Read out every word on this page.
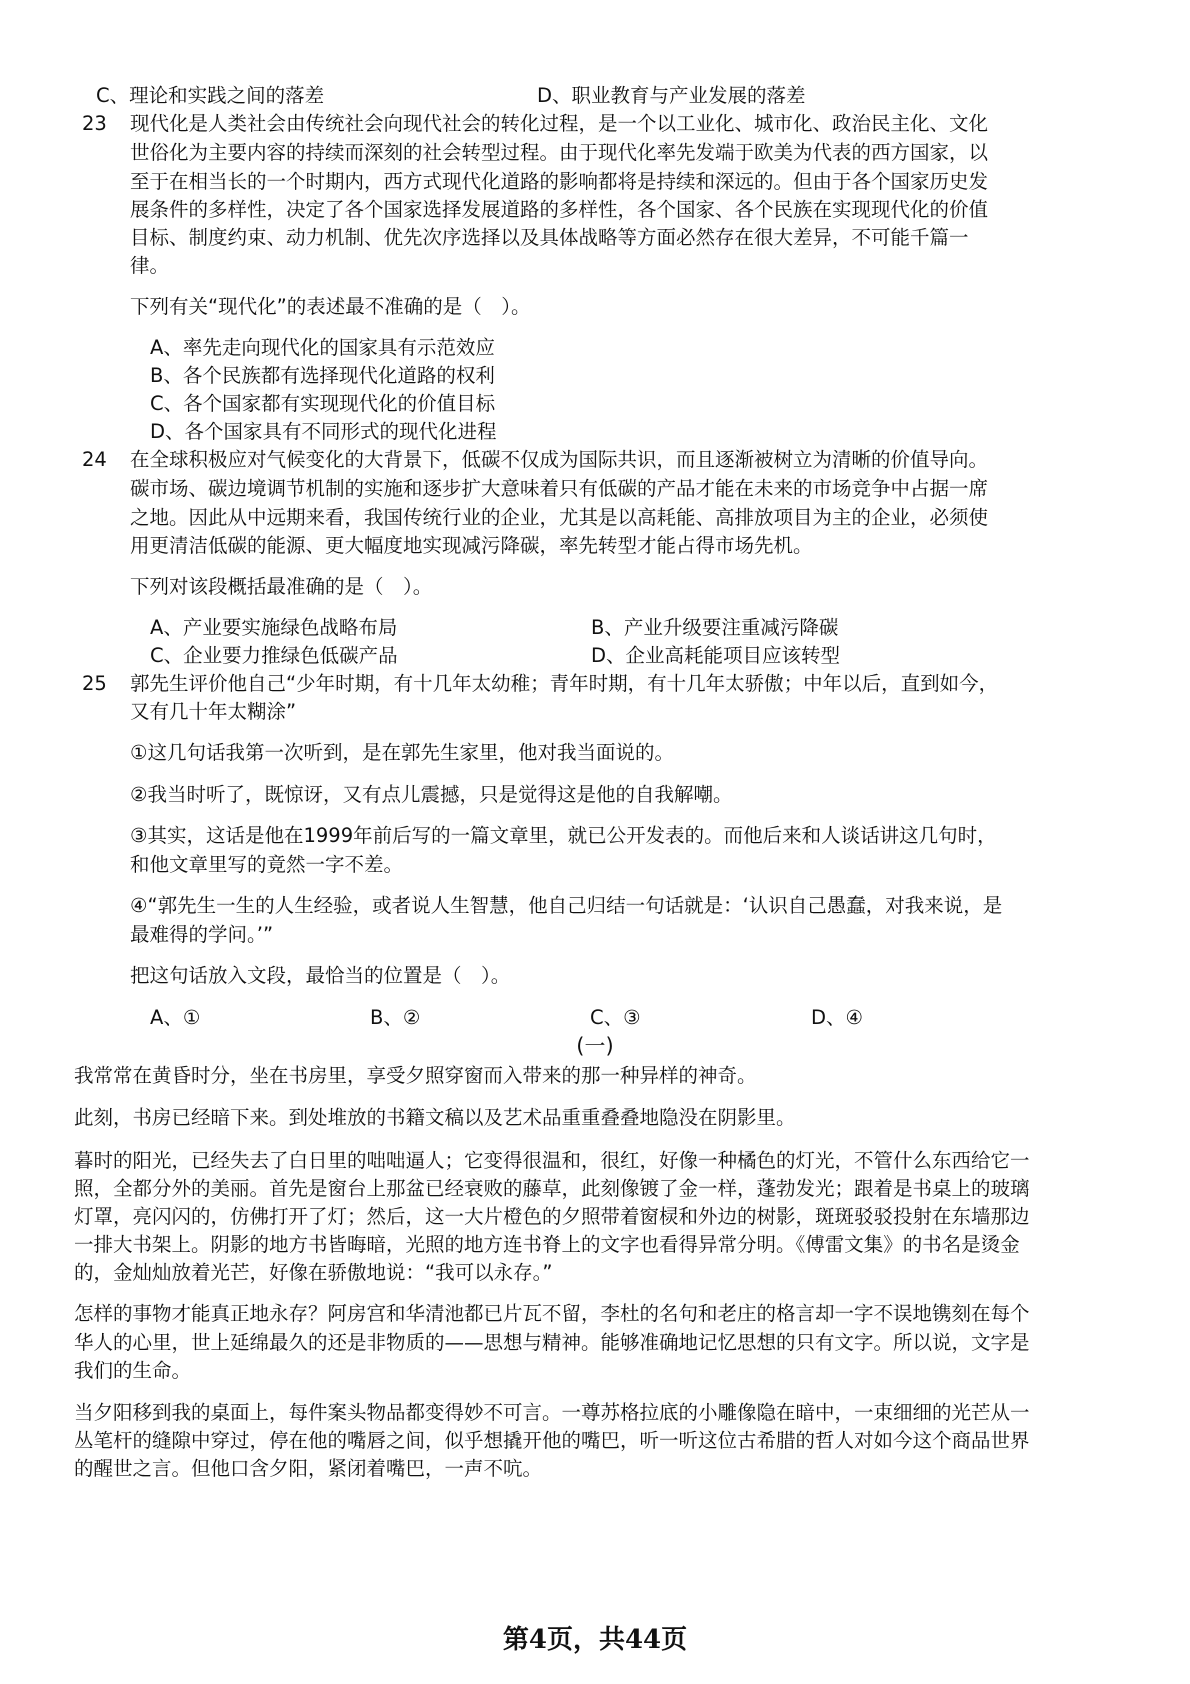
C、理论和实践之间的落差	D、职业教育与产业发展的落差
23 现代化是人类社会由传统社会向现代社会的转化过程，是一个以工业化、城市化、政治民主化、文化
世俗化为主要内容的持续而深刻的社会转型过程。由于现代化率先发端于欧美为代表的西方国家，以
至于在相当长的一个时期内，西方式现代化道路的影响都将是持续和深远的。但由于各个国家历史发
展条件的多样性，决定了各个国家选择发展道路的多样性，各个国家、各个民族在实现现代化的价值
目标、制度约束、动力机制、优先次序选择以及具体战略等方面必然存在很大差异，不可能千篇一
律。
下列有关“现代化”的表述最不准确的是（　）。
A、率先走向现代化的国家具有示范效应
B、各个民族都有选择现代化道路的权利
C、各个国家都有实现现代化的价值目标
D、各个国家具有不同形式的现代化进程
24 在全球积极应对气候变化的大背景下，低碳不仅成为国际共识，而且逐渐被树立为清晰的价值导向。
碳市场、碳边境调节机制的实施和逐步扩大意味着只有低碳的产品才能在未来的市场竞争中占据一席
之地。因此从中远期来看，我国传统行业的企业，尤其是以高耗能、高排放项目为主的企业，必须使
用更清洁低碳的能源、更大幅度地实现减污降碳，率先转型才能占得市场先机。
下列对该段概括最准确的是（　）。
A、产业要实施绿色战略布局	B、产业升级要注重减污降碳
C、企业要力推绿色低碳产品	D、企业高耗能项目应该转型
25 郭先生评价他自己“少年时期，有十几年太幼稚；青年时期，有十几年太骄傲；中年以后，直到如今，
又有几十年太糊涂”
①这几句话我第一次听到，是在郭先生家里，他对我当面说的。
②我当时听了，既惊讶，又有点儿震撼，只是觉得这是他的自我解嘲。
③其实，这话是他在1999年前后写的一篇文章里，就已公开发表的。而他后来和人谈话讲这几句时，
和他文章里写的竟然一字不差。
④“郭先生一生的人生经验，或者说人生智慧，他自己归结一句话就是：‘认识自己愚蠢，对我来说，是
最难得的学问。’”
把这句话放入文段，最恰当的位置是（　）。
A、①	B、②	C、③	D、④
(一)
我常常在黄昏时分，坐在书房里，享受夕照穿窗而入带来的那一种异样的神奇。
此刻，书房已经暗下来。到处堆放的书籍文稿以及艺术品重重叠叠地隐没在阴影里。
暮时的阳光，已经失去了白日里的咄咄逼人；它变得很温和，很红，好像一种橘色的灯光，不管什么东西给它一
照，全都分外的美丽。首先是窗台上那盆已经衰败的藤草，此刻像镀了金一样，蓬勃发光；跟着是书桌上的玻璃
灯罩，亮闪闪的，仿佛打开了灯；然后，这一大片橙色的夕照带着窗棂和外边的树影，斑斑驳驳投射在东墙那边
一排大书架上。阴影的地方书皆晦暗，光照的地方连书脊上的文字也看得异常分明。《傅雷文集》的书名是烫金
的，金灿灿放着光芒，好像在骄傲地说：“我可以永存。”
怎样的事物才能真正地永存？阿房宫和华清池都已片瓦不留，李杜的名句和老庄的格言却一字不误地镌刻在每个
华人的心里，世上延绵最久的还是非物质的——思想与精神。能够准确地记忆思想的只有文字。所以说，文字是
我们的生命。
当夕阳移到我的桌面上，每件案头物品都变得妙不可言。一尊苏格拉底的小雕像隐在暗中，一束细细的光芒从一
丛笔杆的缝隙中穿过，停在他的嘴唇之间，似乎想撬开他的嘴巴，听一听这位古希腊的哲人对如今这个商品世界
的醒世之言。但他口含夕阳，紧闭着嘴巴，一声不吭。
第4页，共44页
